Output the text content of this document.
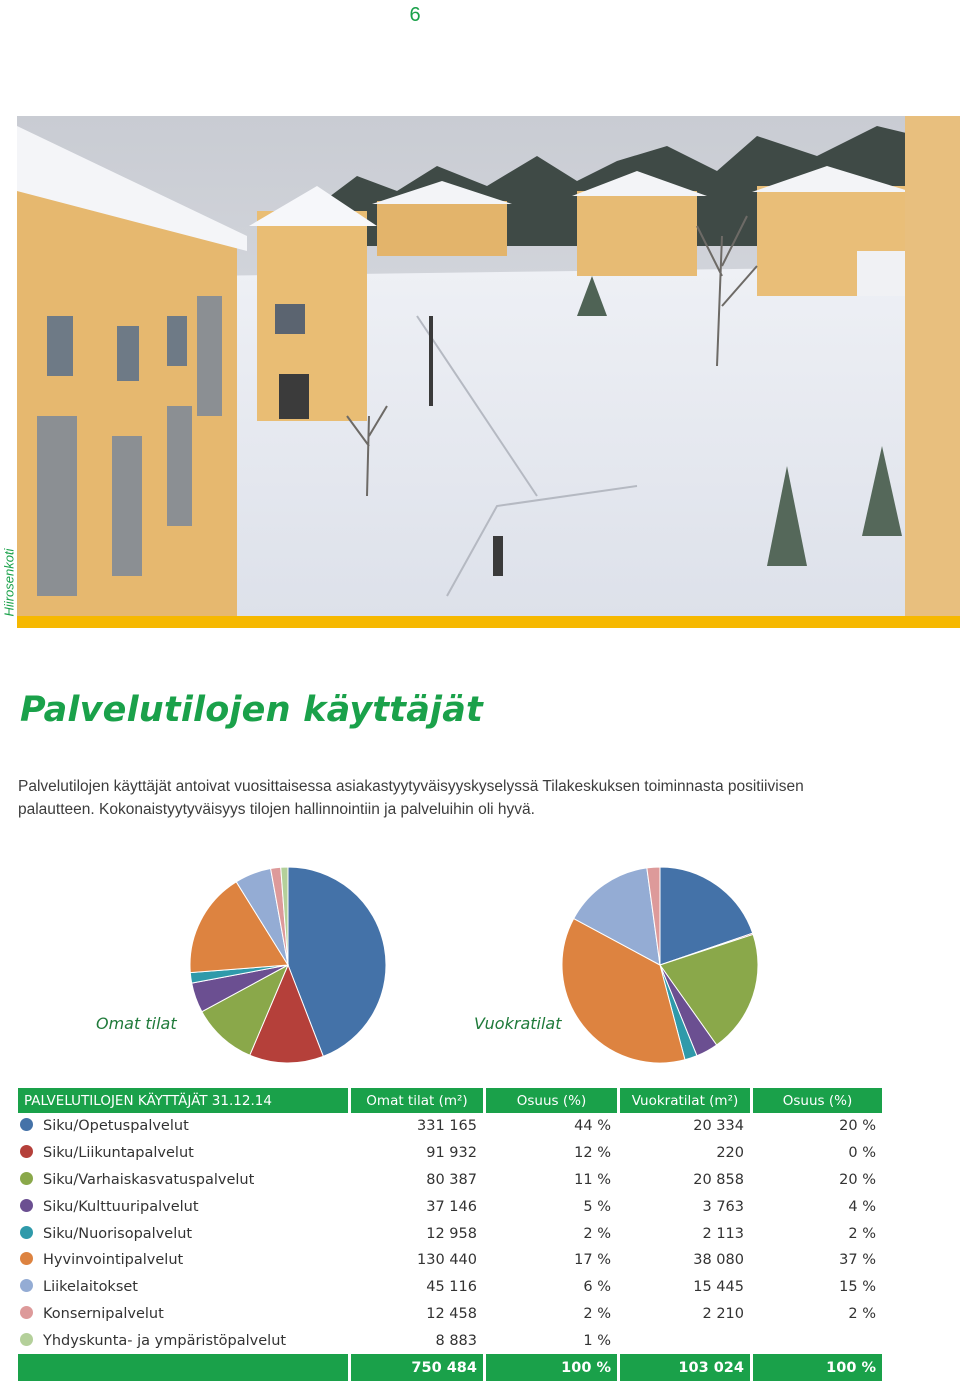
6
Hiirosenkoti
Palvelutilojen käyttäjät
Palvelutilojen käyttäjät antoivat vuosittaisessa asiakastyytyväisyyskyselyssä Tilakeskuksen toiminnasta positiivisen palautteen. Kokonaistyytyväisyys tilojen hallinnointiin ja palveluihin oli hyvä.
Omat tilat	Vuokratilat
PALVELUTILOJEN KÄYTTÄJÄT 31.12.14	Omat tilat (m²)	Osuus (%)	Vuokratilat (m²)	Osuus (%)
Siku/Opetuspalvelut	331 165	44 %	20 334	20 %
Siku/Liikuntapalvelut	91 932	12 %	220	0 %
Siku/Varhaiskasvatuspalvelut	80 387	11 %	20 858	20 %
Siku/Kulttuuripalvelut	37 146	5 %	3 763	4 %
Siku/Nuorisopalvelut	12 958	2 %	2 113	2 %
Hyvinvointipalvelut	130 440	17 %	38 080	37 %
Liikelaitokset	45 116	6 %	15 445	15 %
Konsernipalvelut	12 458	2 %	2 210	2 %
Yhdyskunta- ja ympäristöpalvelut	8 883	1 %		
	750 484	100 %	103 024	100 %
